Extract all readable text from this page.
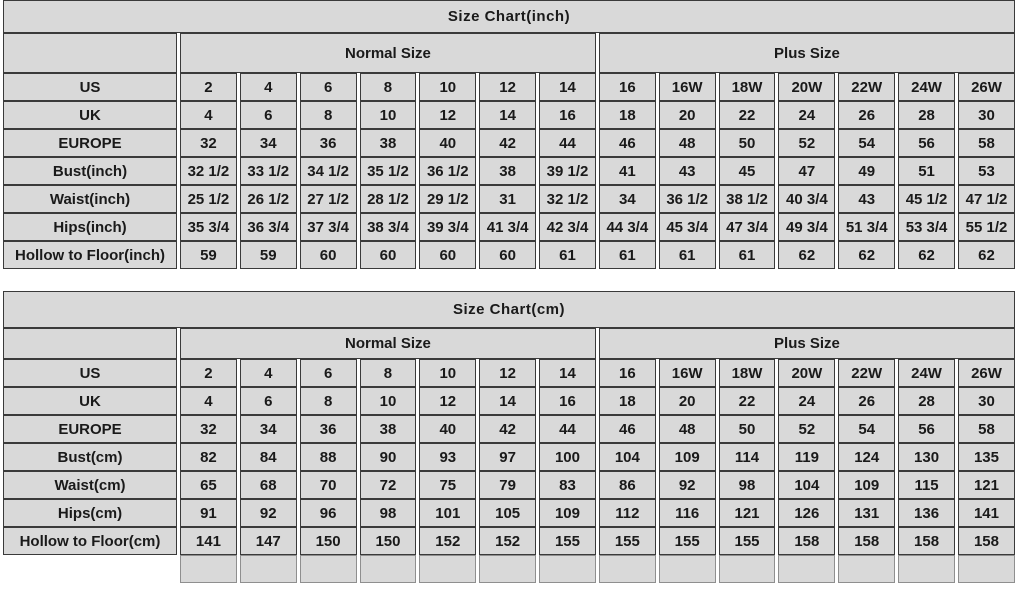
Size Chart(inch)														
	Normal Size							Plus Size						
US	2	4	6	8	10	12	14	16	16W	18W	20W	22W	24W	26W
UK	4	6	8	10	12	14	16	18	20	22	24	26	28	30
EUROPE	32	34	36	38	40	42	44	46	48	50	52	54	56	58
Bust(inch)	32 1/2	33 1/2	34 1/2	35 1/2	36 1/2	38	39 1/2	41	43	45	47	49	51	53
Waist(inch)	25 1/2	26 1/2	27 1/2	28 1/2	29 1/2	31	32 1/2	34	36 1/2	38 1/2	40 3/4	43	45 1/2	47 1/2
Hips(inch)	35 3/4	36 3/4	37 3/4	38 3/4	39 3/4	41 3/4	42 3/4	44 3/4	45 3/4	47 3/4	49 3/4	51 3/4	53 3/4	55 1/2
Hollow to Floor(inch)	59	59	60	60	60	60	61	61	61	61	62	62	62	62
Size Chart(cm)														
	Normal Size							Plus Size						
US	2	4	6	8	10	12	14	16	16W	18W	20W	22W	24W	26W
UK	4	6	8	10	12	14	16	18	20	22	24	26	28	30
EUROPE	32	34	36	38	40	42	44	46	48	50	52	54	56	58
Bust(cm)	82	84	88	90	93	97	100	104	109	114	119	124	130	135
Waist(cm)	65	68	70	72	75	79	83	86	92	98	104	109	115	121
Hips(cm)	91	92	96	98	101	105	109	112	116	121	126	131	136	141
Hollow to Floor(cm)	141	147	150	150	152	152	155	155	155	155	158	158	158	158
